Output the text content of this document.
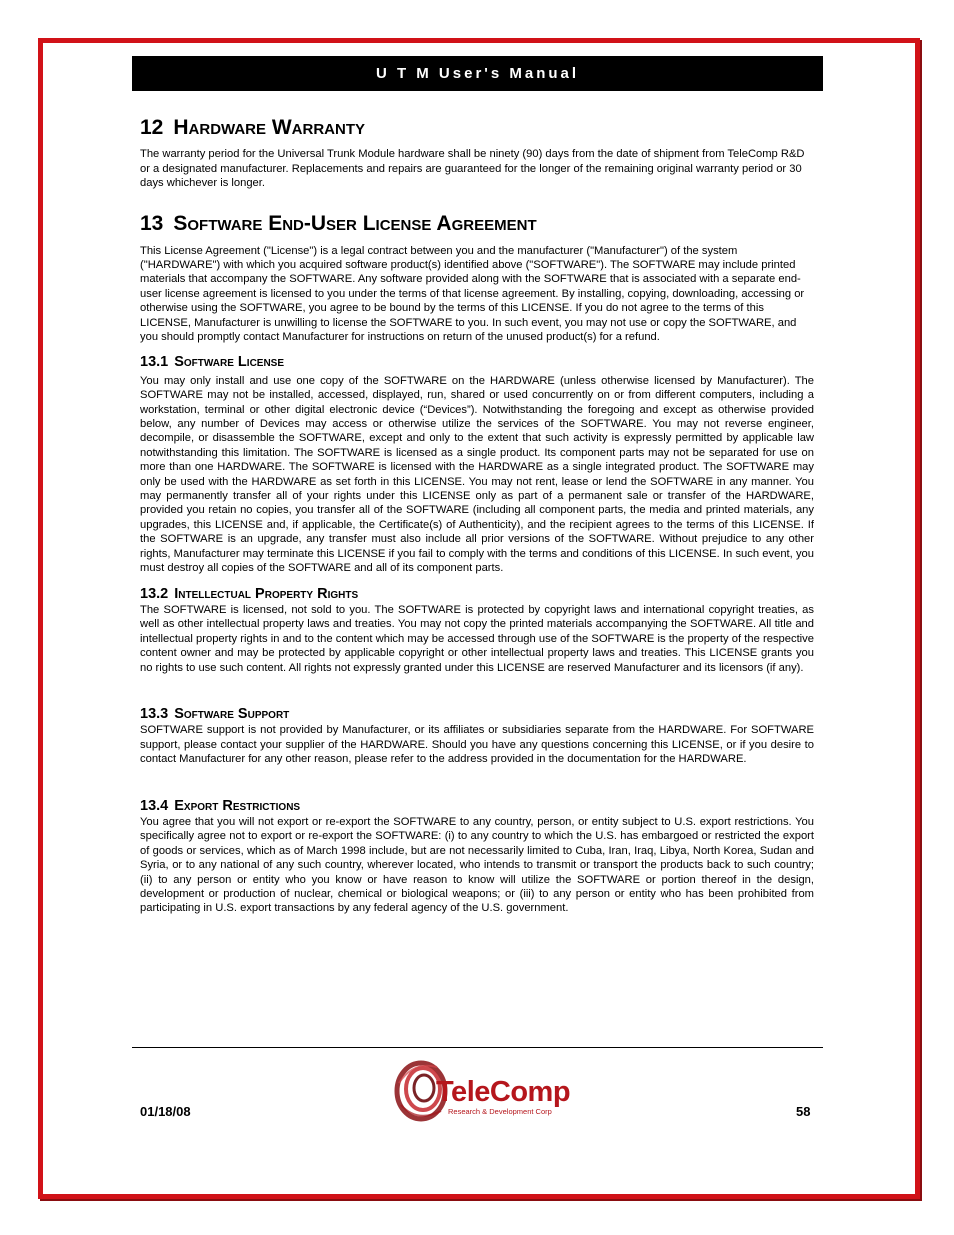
U T M User's Manual
12 Hardware Warranty

The warranty period for the Universal Trunk Module hardware shall be ninety (90) days from the date of shipment from TeleComp R&D or a designated manufacturer. Replacements and repairs are guaranteed for the longer of the remaining original warranty period or 30 days whichever is longer.

13 Software End-User License Agreement

This License Agreement ("License") is a legal contract between you and the manufacturer ("Manufacturer") of the system ("HARDWARE") with which you acquired software product(s) identified above ("SOFTWARE"). The SOFTWARE may include printed materials that accompany the SOFTWARE. Any software provided along with the SOFTWARE that is associated with a separate end-user license agreement is licensed to you under the terms of that license agreement. By installing, copying, downloading, accessing or otherwise using the SOFTWARE, you agree to be bound by the terms of this LICENSE. If you do not agree to the terms of this LICENSE, Manufacturer is unwilling to license the SOFTWARE to you. In such event, you may not use or copy the SOFTWARE, and you should promptly contact Manufacturer for instructions on return of the unused product(s) for a refund.

13.1 Software License

You may only install and use one copy of the SOFTWARE on the HARDWARE (unless otherwise licensed by Manufacturer). The SOFTWARE may not be installed, accessed, displayed, run, shared or used concurrently on or from different computers, including a workstation, terminal or other digital electronic device (“Devices”). Notwithstanding the foregoing and except as otherwise provided below, any number of Devices may access or otherwise utilize the services of the SOFTWARE. You may not reverse engineer, decompile, or disassemble the SOFTWARE, except and only to the extent that such activity is expressly permitted by applicable law notwithstanding this limitation. The SOFTWARE is licensed as a single product. Its component parts may not be separated for use on more than one HARDWARE. The SOFTWARE is licensed with the HARDWARE as a single integrated product. The SOFTWARE may only be used with the HARDWARE as set forth in this LICENSE. You may not rent, lease or lend the SOFTWARE in any manner. You may permanently transfer all of your rights under this LICENSE only as part of a permanent sale or transfer of the HARDWARE, provided you retain no copies, you transfer all of the SOFTWARE (including all component parts, the media and printed materials, any upgrades, this LICENSE and, if applicable, the Certificate(s) of Authenticity), and the recipient agrees to the terms of this LICENSE. If the SOFTWARE is an upgrade, any transfer must also include all prior versions of the SOFTWARE. Without prejudice to any other rights, Manufacturer may terminate this LICENSE if you fail to comply with the terms and conditions of this LICENSE. In such event, you must destroy all copies of the SOFTWARE and all of its component parts.

13.2 Intellectual Property Rights

The SOFTWARE is licensed, not sold to you. The SOFTWARE is protected by copyright laws and international copyright treaties, as well as other intellectual property laws and treaties. You may not copy the printed materials accompanying the SOFTWARE. All title and intellectual property rights in and to the content which may be accessed through use of the SOFTWARE is the property of the respective content owner and may be protected by applicable copyright or other intellectual property laws and treaties. This LICENSE grants you no rights to use such content. All rights not expressly granted under this LICENSE are reserved Manufacturer and its licensors (if any).

13.3 Software Support

SOFTWARE support is not provided by Manufacturer, or its affiliates or subsidiaries separate from the HARDWARE. For SOFTWARE support, please contact your supplier of the HARDWARE. Should you have any questions concerning this LICENSE, or if you desire to contact Manufacturer for any other reason, please refer to the address provided in the documentation for the HARDWARE.

13.4 Export Restrictions

You agree that you will not export or re-export the SOFTWARE to any country, person, or entity subject to U.S. export restrictions. You specifically agree not to export or re-export the SOFTWARE: (i) to any country to which the U.S. has embargoed or restricted the export of goods or services, which as of March 1998 include, but are not necessarily limited to Cuba, Iran, Iraq, Libya, North Korea, Sudan and Syria, or to any national of any such country, wherever located, who intends to transmit or transport the products back to such country; (ii) to any person or entity who you know or have reason to know will utilize the SOFTWARE or portion thereof in the design, development or production of nuclear, chemical or biological weapons; or (iii) to any person or entity who has been prohibited from participating in U.S. export transactions by any federal agency of the U.S. government.

01/18/08	58
TeleComp
Research & Development Corp
